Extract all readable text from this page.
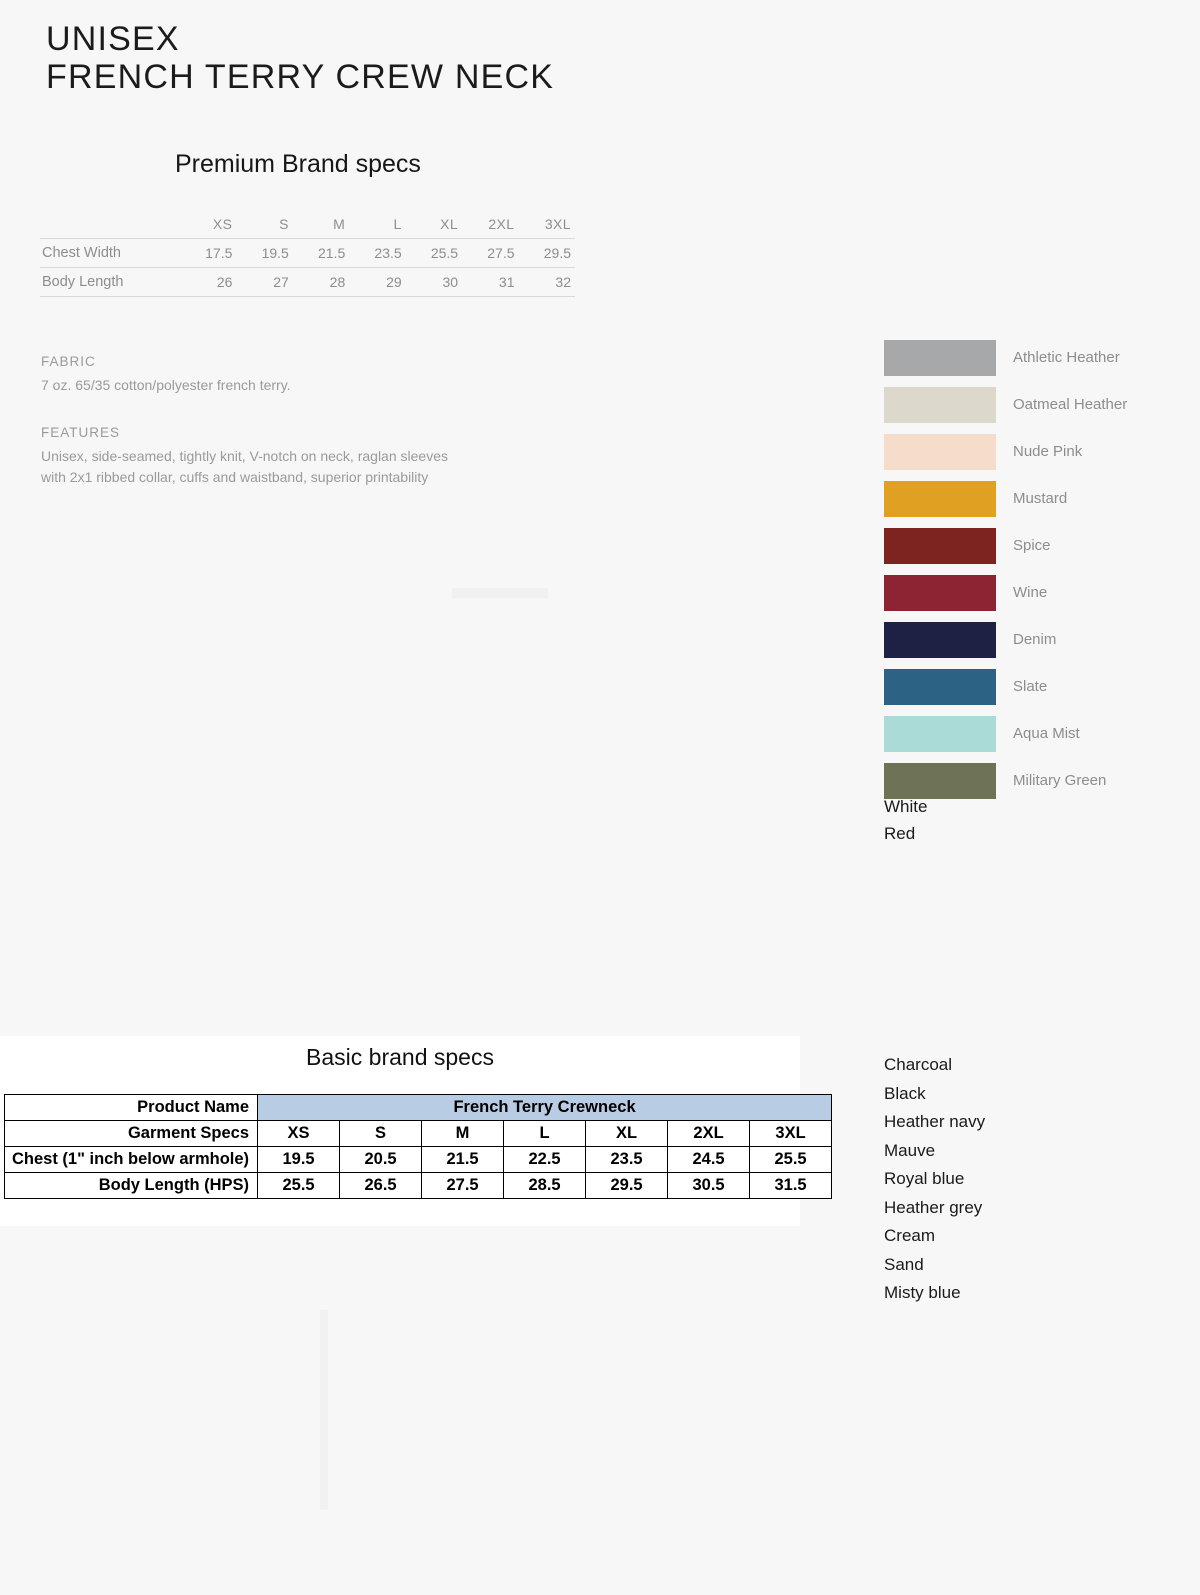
UNISEX
FRENCH TERRY CREW NECK
Premium Brand specs
	XS	S	M	L	XL	2XL	3XL
Chest Width	17.5	19.5	21.5	23.5	25.5	27.5	29.5
Body Length	26	27	28	29	30	31	32
FABRIC
7 oz. 65/35 cotton/polyester french terry.
FEATURES
Unisex, side-seamed, tightly knit, V-notch on neck, raglan sleeves with 2x1 ribbed collar, cuffs and waistband, superior printability
Athletic Heather
Oatmeal Heather
Nude Pink
Mustard
Spice
Wine
Denim
Slate
Aqua Mist
Military Green
White
Red
Charcoal
Black
Heather navy
Mauve
Royal blue
Heather grey
Cream
Sand
Misty blue
Basic brand specs
Product Name	French Terry Crewneck						
Garment Specs	XS	S	M	L	XL	2XL	3XL
Chest (1" inch below armhole)	19.5	20.5	21.5	22.5	23.5	24.5	25.5
Body Length (HPS)	25.5	26.5	27.5	28.5	29.5	30.5	31.5
